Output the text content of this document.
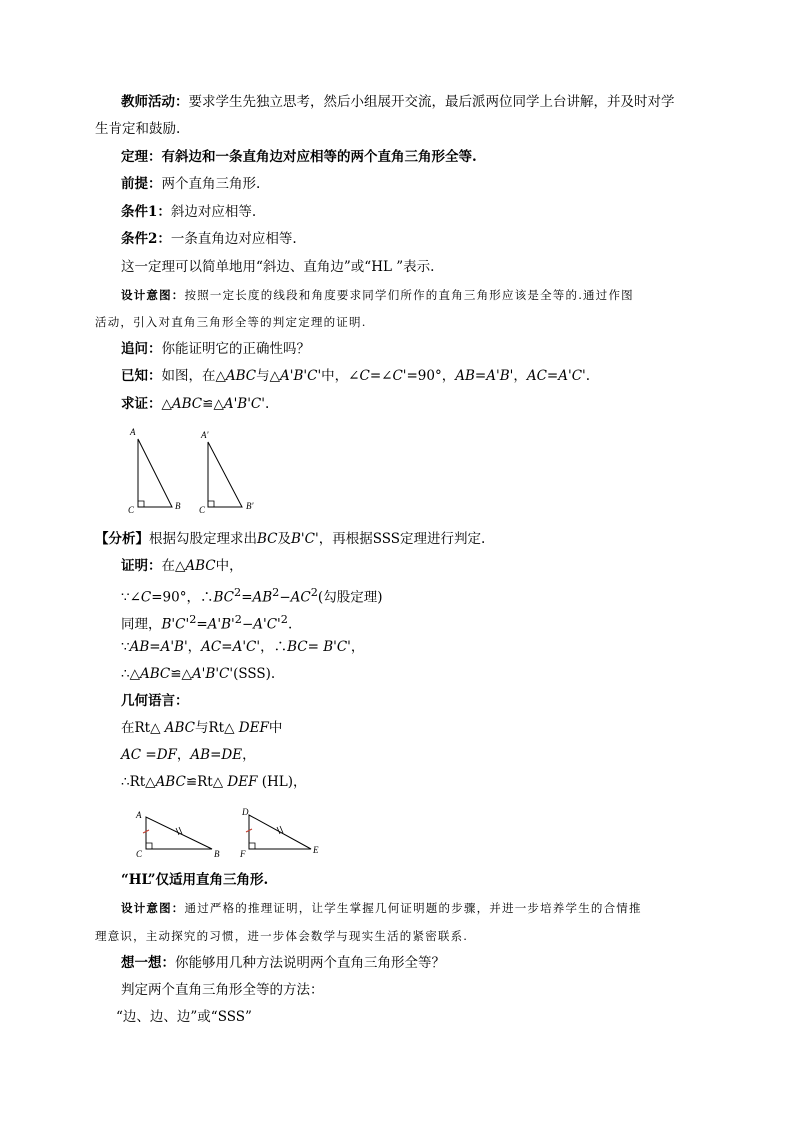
教师活动：要求学生先独立思考，然后小组展开交流，最后派两位同学上台讲解，并及时对学
生肯定和鼓励.
定理：有斜边和一条直角边对应相等的两个直角三角形全等.
前提：两个直角三角形.
条件1：斜边对应相等.
条件2：一条直角边对应相等.
这一定理可以简单地用“斜边、直角边”或“HL ”表示.
设计意图：按照一定长度的线段和角度要求同学们所作的直角三角形应该是全等的.通过作图
活动，引入对直角三角形全等的判定定理的证明.
追问：你能证明它的正确性吗？
已知：如图，在△ABC与△A'B'C'中，∠C=∠C'=90°，AB=A'B'，AC=A'C'.
求证：△ABC≌△A'B'C'.
A
C	B
A'
C	B'
【分析】根据勾股定理求出BC及B'C'，再根据SSS定理进行判定.
证明：在△ABC中，
∵∠C=90°，$\therefore BC^2=AB^2-AC^2$(勾股定理)
同理，$B'C'^2=A'B'^2-A'C'^2$.
∵AB=A'B'，AC=A'C'，∴BC= B'C'，
∴△ABC≌△A'B'C'(SSS).
几何语言：
在Rt△ ABC与Rt△ DEF中
AC =DF，AB=DE，
∴Rt△ABC≌Rt△ DEF (HL)，
A
C	B
D
F	E
“HL”仅适用直角三角形.
设计意图：通过严格的推理证明，让学生掌握几何证明题的步骤，并进一步培养学生的合情推
理意识，主动探究的习惯，进一步体会数学与现实生活的紧密联系.
想一想：你能够用几种方法说明两个直角三角形全等？
判定两个直角三角形全等的方法：
“边、边、边”或“SSS”
